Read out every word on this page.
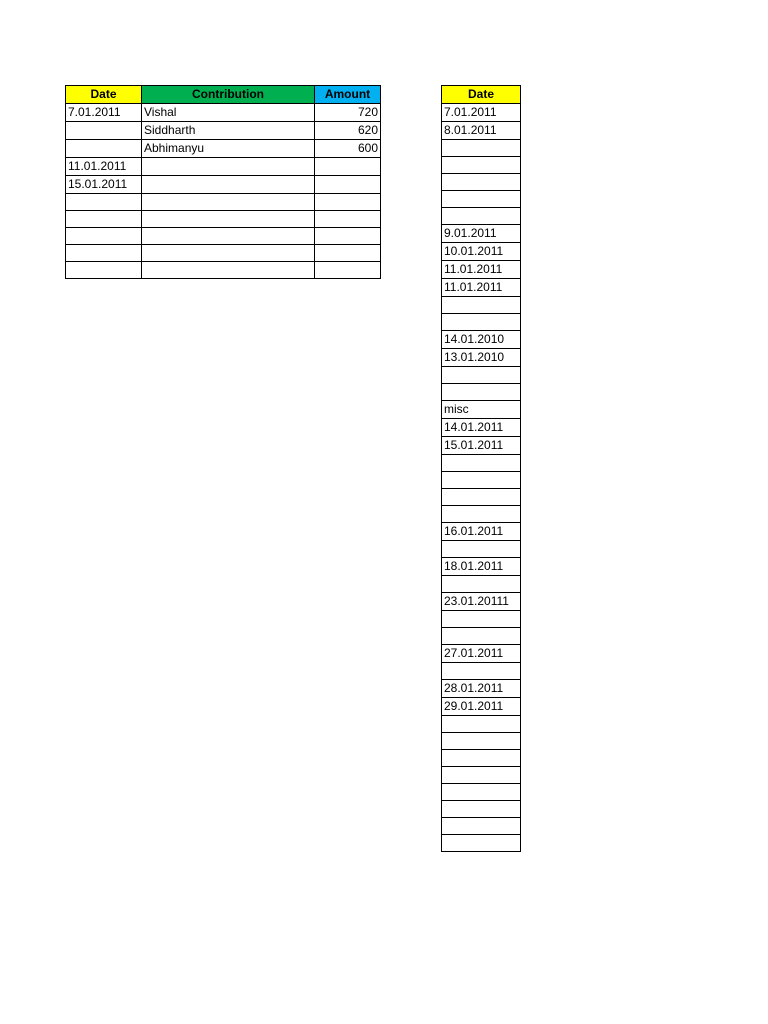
Date	Contribution	Amount
7.01.2011	Vishal	720
	Siddharth	620
	Abhimanyu	600
11.01.2011		
15.01.2011		

Date
7.01.2011
8.01.2011

9.01.2011
10.01.2011
11.01.2011
11.01.2011

14.01.2010
13.01.2010

misc
14.01.2011
15.01.2011

16.01.2011

18.01.2011

23.01.20111

27.01.2011

28.01.2011
29.01.2011
